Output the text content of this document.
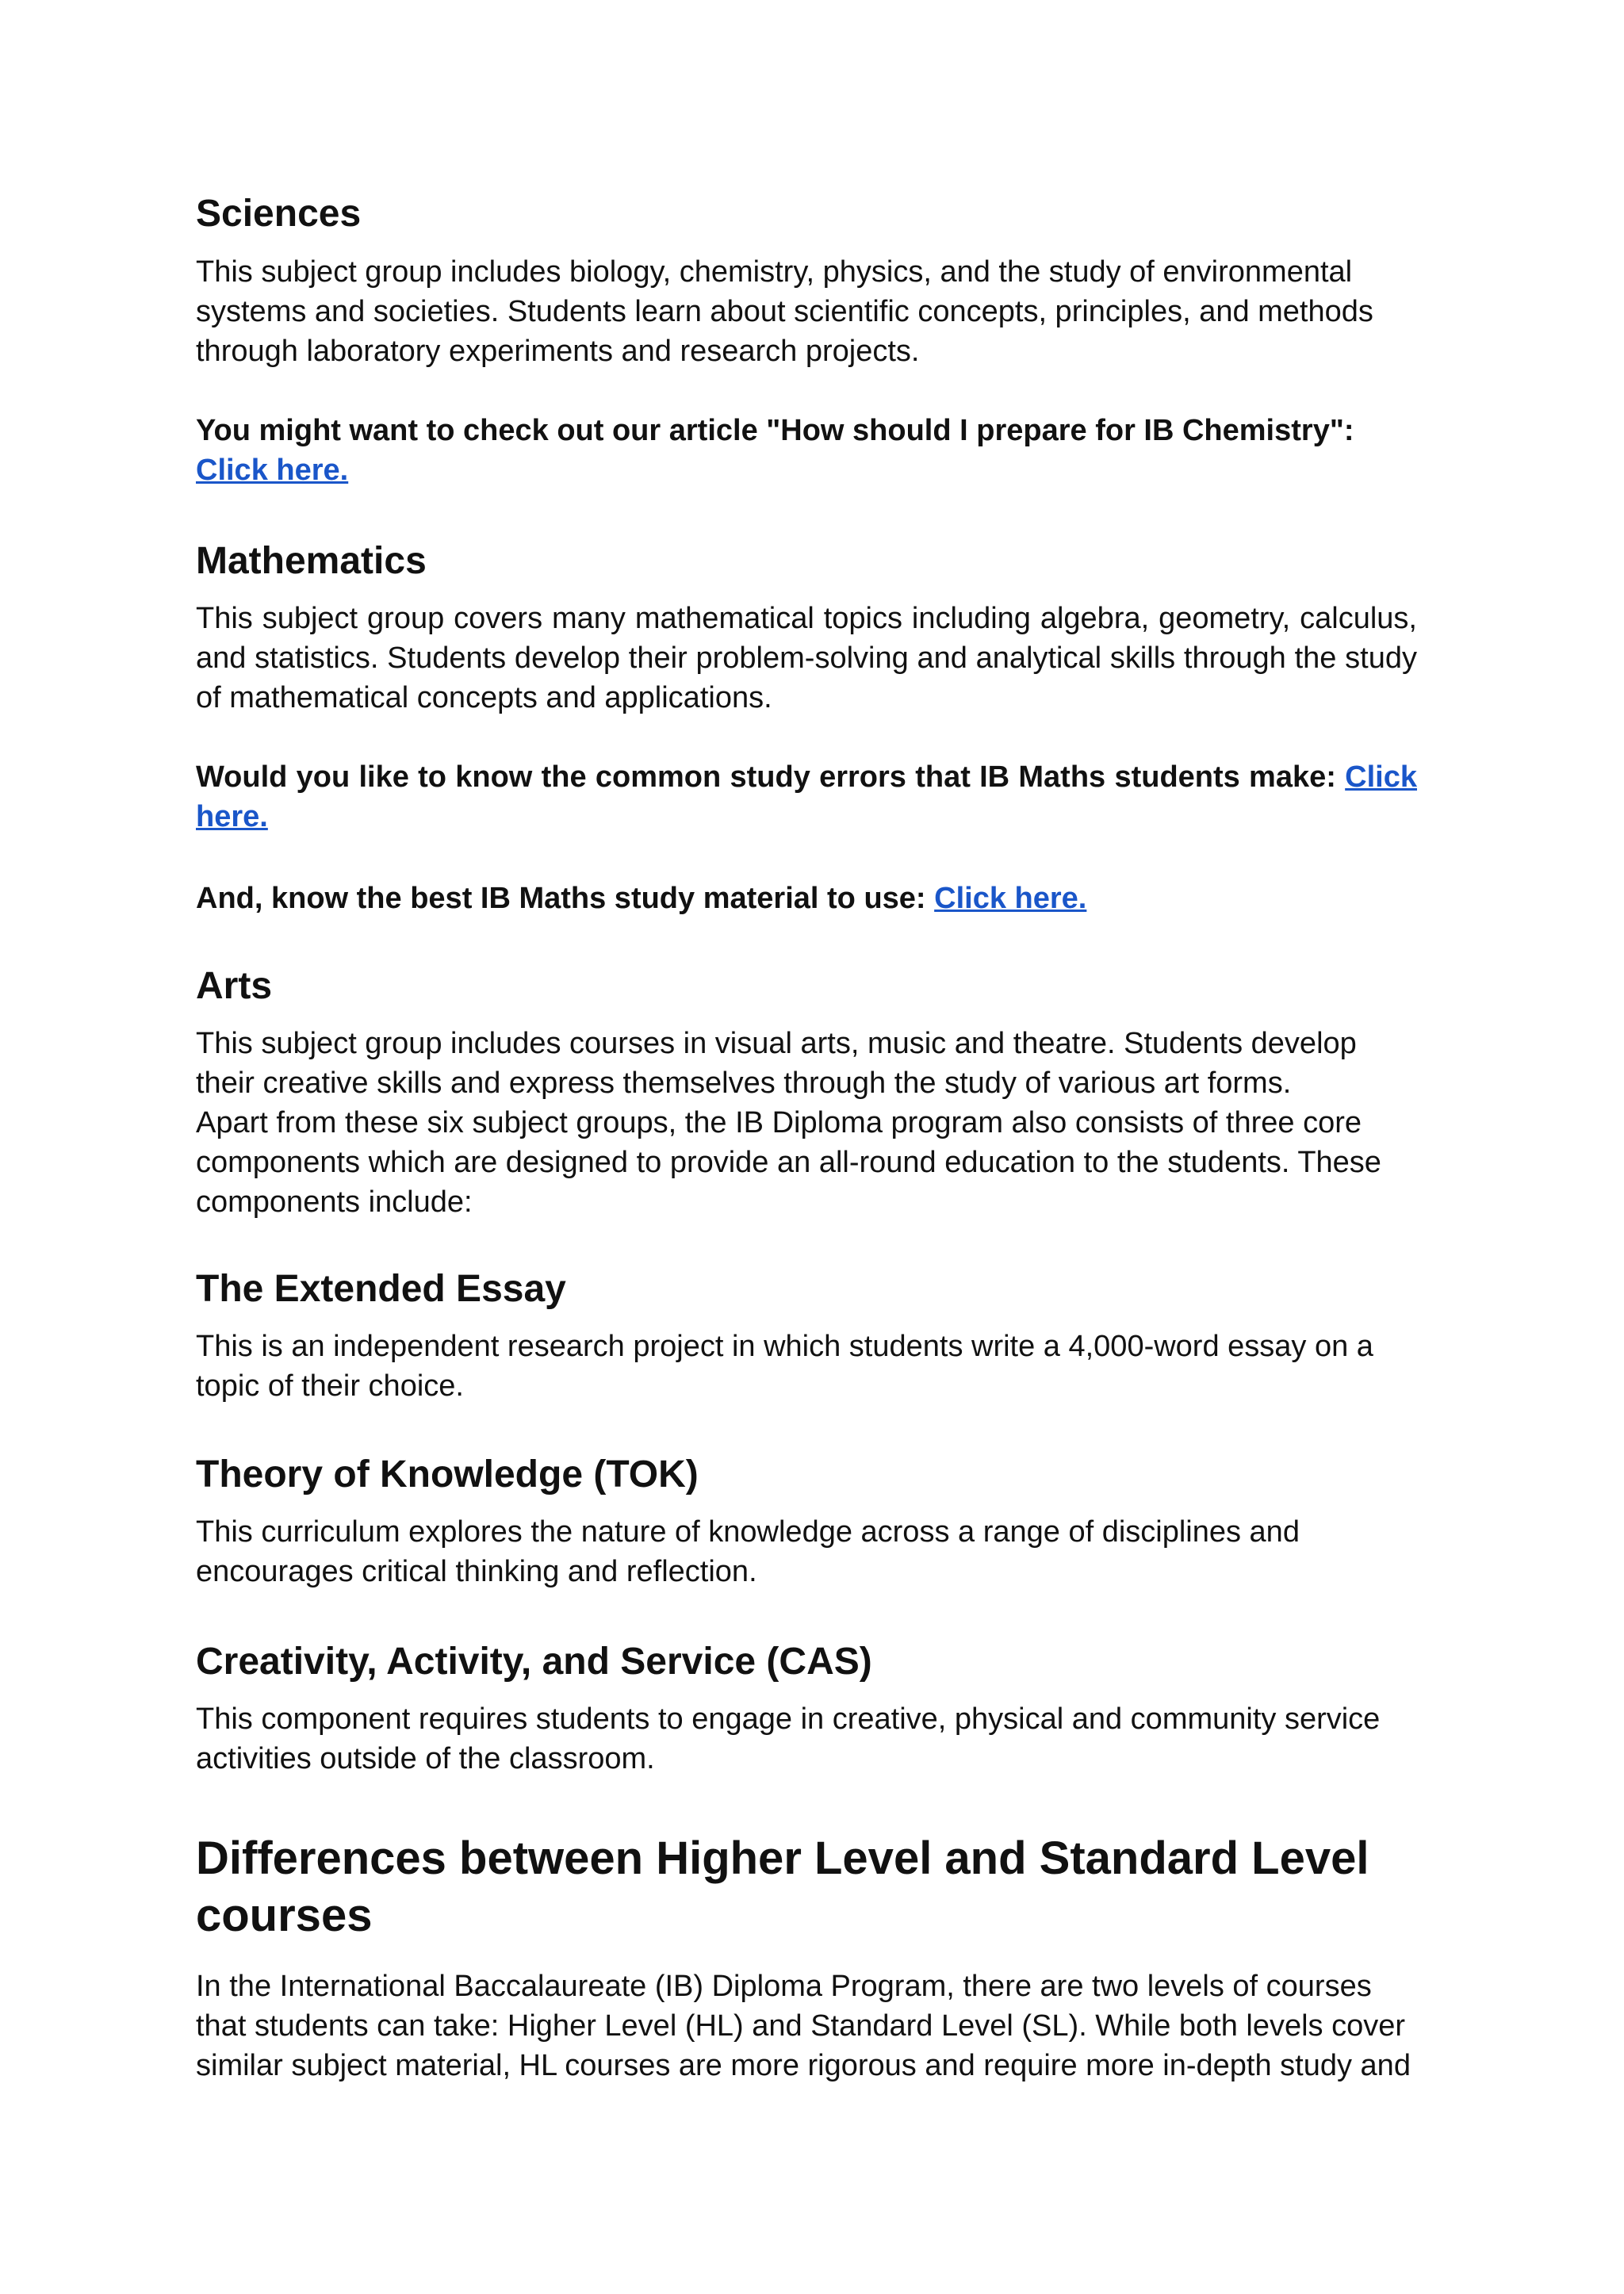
Sciences

This subject group includes biology, chemistry, physics, and the study of environmental systems and societies. Students learn about scientific concepts, principles, and methods through laboratory experiments and research projects.

You might want to check out our article "How should I prepare for IB Chemistry":
Click here.

Mathematics

This subject group covers many mathematical topics including algebra, geometry, calculus, and statistics. Students develop their problem-solving and analytical skills through the study of mathematical concepts and applications.

Would you like to know the common study errors that IB Maths students make: Click here.

And, know the best IB Maths study material to use: Click here.

Arts

This subject group includes courses in visual arts, music and theatre. Students develop their creative skills and express themselves through the study of various art forms.
Apart from these six subject groups, the IB Diploma program also consists of three core components which are designed to provide an all-round education to the students. These components include:

The Extended Essay

This is an independent research project in which students write a 4,000-word essay on a topic of their choice.

Theory of Knowledge (TOK)

This curriculum explores the nature of knowledge across a range of disciplines and encourages critical thinking and reflection.

Creativity, Activity, and Service (CAS)

This component requires students to engage in creative, physical and community service activities outside of the classroom.

Differences between Higher Level and Standard Level courses

In the International Baccalaureate (IB) Diploma Program, there are two levels of courses that students can take: Higher Level (HL) and Standard Level (SL). While both levels cover similar subject material, HL courses are more rigorous and require more in-depth study and
